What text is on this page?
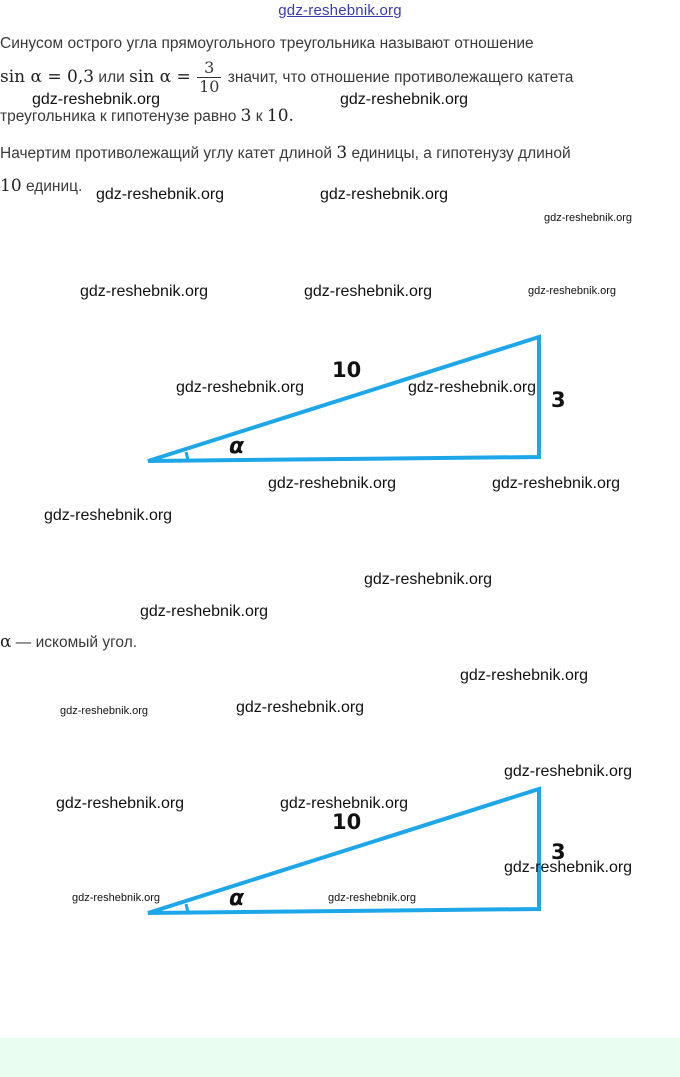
gdz-reshebnik.org
Синусом острого угла прямоугольного треугольника называют отношение
sin α = 0,3 или $\sin \alpha = \frac{3}{10}$ значит, что отношение противолежащего катета
треугольника к гипотенузе равно 3 к 10.
Начертим противолежащий углу катет длиной 3 единицы, а гипотенузу длиной
10 единиц.
10
3
α
α — искомый угол.
10
3
α
gdz-reshebnik.org	gdz-reshebnik.org
gdz-reshebnik.org	gdz-reshebnik.org
gdz-reshebnik.org
gdz-reshebnik.org	gdz-reshebnik.org	gdz-reshebnik.org
gdz-reshebnik.org	gdz-reshebnik.org
gdz-reshebnik.org	gdz-reshebnik.org
gdz-reshebnik.org
gdz-reshebnik.org
gdz-reshebnik.org
gdz-reshebnik.org
gdz-reshebnik.org	gdz-reshebnik.org
gdz-reshebnik.org
gdz-reshebnik.org	gdz-reshebnik.org
gdz-reshebnik.org
gdz-reshebnik.org	gdz-reshebnik.org
